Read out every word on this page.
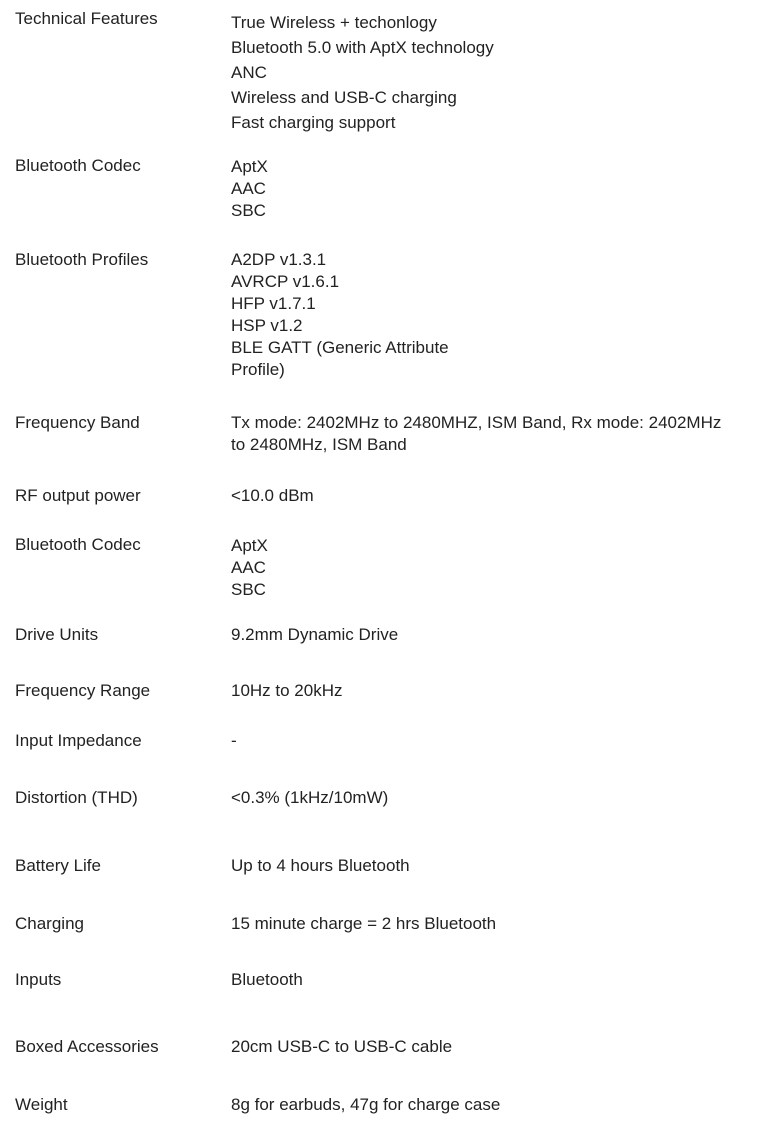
Technical Features	True Wireless + techonlogy
Bluetooth 5.0 with AptX technology
ANC
Wireless and USB-C charging
Fast charging support
Bluetooth Codec	AptX
AAC
SBC
Bluetooth Profiles	A2DP v1.3.1
AVRCP v1.6.1
HFP v1.7.1
HSP v1.2
BLE GATT (Generic Attribute
Profile)
Frequency Band	Tx mode: 2402MHz to 2480MHZ, ISM Band, Rx mode: 2402MHz
to 2480MHz, ISM Band
RF output power	<10.0 dBm
Bluetooth Codec	AptX
AAC
SBC
Drive Units	9.2mm Dynamic Drive
Frequency Range	10Hz to 20kHz
Input Impedance	-
Distortion (THD)	<0.3% (1kHz/10mW)
Battery Life	Up to 4 hours Bluetooth
Charging	15 minute charge = 2 hrs Bluetooth
Inputs	Bluetooth
Boxed Accessories	20cm USB-C to USB-C cable
Weight	8g for earbuds, 47g for charge case
